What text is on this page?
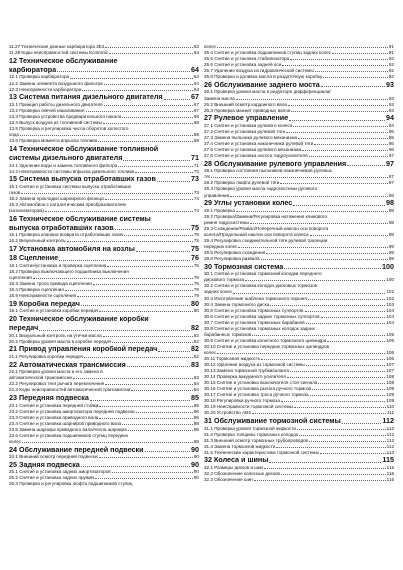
11.27 Технические данные карбюратора 2Е3	63
11.28 Коды неисправностей системы Ecotronic	63
12 Техническое обслуживание
карбюратора	64
12.1 Проверка карбюратора	64
12.2 Замена элемента воздушного фильтра	64
12.3 Неисправности карбюратора	64
13 Система питания дизельного двигателя	67
13.1 Принцип работы дизельного двигателя	67
13.2 Проверка свечей накаливания	67
13.3 Проверка устройства предварительного накала	68
13.4 Выпуск воздуха из топливной системы	68
13.5 Проверка и регулировка числа оборотов холостого
хода	69
13.6 Проверка момента впрыска топлива	69
14 Техническое обслуживание топливной
системы дизельного двигателя	71
14.1 Удаление воды и замена топливного фильтра	71
14.2 Неисправности системы впрыска дизельного топлива	72
15 Система выпуска отработавших газов	73
15.1 Снятие и установка системы выпуска отработавших
газов	73
15.2 Замена прокладки шарнирного фланца	74
15.3 Автомобили с каталитическим преобразователем
(катализатором)	74
16 Техническое обслуживание системы
выпуска отработавших газов	75
16.1 Проверка клапана возврата отработавших газов	75
16.2 Визуальный контроль	75
17 Установка автомобиля на козлы	75
18 Сцепление	76
18.1 Снятие/установка и проверка сцепления	76
18.2 Проверка выключающего подшипника выключения
сцепления	78
18.3 Замена троса привода сцепления	78
18.4 Проверка сцепления	79
18.5 Неисправности сцепления	79
19 Коробка передач	80
19.1 Снятие и установка коробки передач	80
20 Техническое обслуживание коробки
передач	82
20.1 Визуальный контроль на утечки масла	82
20.2 Проверка уровня масла в коробке передач	82
21 Привод управления коробкой передач	82
21.1 Регулировка коробки передач	82
22 Автоматическая трансмиссия	83
22.1 Проверка уровня масла и его замена в
автоматической трансмиссии	83
22.2 Регулировка тяги рычага переключения	84
22.3 Коды неисправностей автоматической трансмиссии	84
23 Передняя подвеска	85
23.1 Снятие и установка передней стойки	85
23.2 Снятие и установка амортизатора передней подвески	86
23.3 Снятие и установка приводного вала	86
23.4 Снятие и установка шарниров приводного вала	88
23.5 Замена шарнира приводного вала/чехла шарнира	88
23.6 Снятие и установка подшипников ступиц передних
колес	88
24 Обслуживание передней подвески	90
24.1 Внешний осмотр передней подвески	90
25 Задняя подвеска	90
25.1 Снятие и установка задних амортизаторов	90
25.2 Снятие и установка задних пружин	90
25.3 Проверка и регулировка люфта подшипников ступиц
колес	91
25.4 Снятие и установка подшипников ступиц задних колес	91
25.5 Снятие и установка стабилизатора	92
25.6 Снятие и установка задней оси	92
25.7 Удаление воздуха из гидравлической системы	92
25.8 Проверка и доливка масла в раздаточную коробку	92
26 Обслуживание заднего моста	93
26.1 Проверка уровня масла в редукторе дифференциала/
Замена масла	93
26.2 Внешний осмотр карданного вала	93
26.3 Проверка манжет приводных валов	93
27 Рулевое управление	94
27.1 Снятие и установка рулевого колеса	94
27.2 Снятие и установка рулевой тяги	95
27.3 Замена пыльника рулевого механизма	95
27.4 Снятие и установка наконечника рулевой тяги	96
27.5 Снятие и установка рулевого механизма	96
27.6 Снятие и установка насоса гидроусилителя	97
28 Обслуживание рулевого управления	97
28.1 Проверка состояния пыльников наконечников рулевых
тяг	97
28.2 Проверка люфта рулевой тяги	97
28.3 Проверка уровня масла гидросистемы рулевого
управления	98
29 Углы установки колес	98
29.1 Проверка	98
29.2 Проверка/Замена/Регулировка натяжения клинового
ремня гидросистемы	98
29.3 Схождение/Развал/Поперечный наклон оси поворота
колеса/Продольный наклон оси поворота колеса	98
29.4 Регулировка соединительной тяги рулевой трапеции
передних колес	99
29.5 Регулировка схождения	99
29.6 Регулировка развала	99
30 Тормозная система	100
30.1 Снятие и установка тормозной колодки переднего
дискового тормоза	100
30.2 Снятие и установка колодок дисковых тормозов
задних колес	102
30.3 Изготовление шаблона тормозного поршня	102
30.4 Замена тормозного диска	103
30.5 Снятие и установка тормозных суппортов	104
30.6 Снятие и установка задних тормозных суппортов	104
30.7 Снятие и установка тормозных барабанов	104
30.8 Снятие и установка тормозных колодок задних
барабанных тормозов	105
30.9 Снятие и установка колесного тормозного цилиндра	106
30.10 Снятие и установка передних тормозных цилиндров
колес	106
30.11 Тормозная жидкость	106
30.12 Удаление воздуха из тормозной системы	107
30.13 Замена тормозной трубки/шланга	107
30.14 Проверка вакуумного усилителя	108
30.15 Снятие и установка выключателя стоп-сигнала	108
30.16 Снятие и установка рычага ручного тормоза	109
30.17 Снятие и установка троса ручного тормоза	109
30.18 Регулировка ручного тормоза	109
30.19 Неисправности тормозной системы	110
30.20 Устройство ABS	111
31 Обслуживание тормозной системы	112
31.1 Проверка уровня тормозной жидкости	112
31.2 Проверка толщины тормозных колодок	112
31.3 Внешний осмотр тормозных трубопроводов	112
31.4 Замена тормозной жидкости	112
31.5 Технические характеристики тормозной системы	113
32 Колеса и шины	115
32.1 Размеры дисков и шин	115
32.2 Обозначение колесных дисков	115
32.3 Обозначение шин	115
